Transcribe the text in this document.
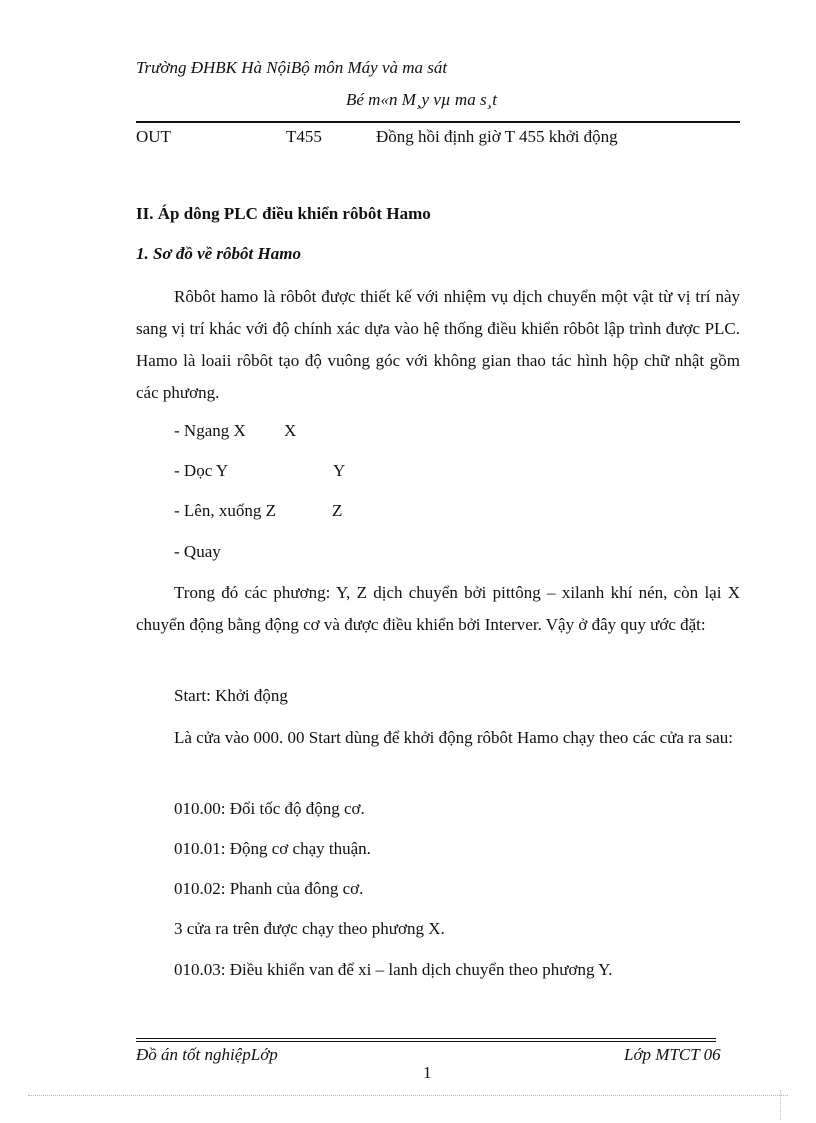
Trường ĐHBK Hà NộiBộ môn Máy và ma sát
Bé m«n M¸y vµ ma s¸t
OUT	T455	Đồng hồi định giờ T 455 khởi động
II. Áp dông PLC điều khiển rôbôt Hamo
1. Sơ đồ về rôbôt Hamo
Rôbôt hamo là rôbôt được thiết kế với nhiệm vụ dịch chuyển một vật từ vị trí này sang vị trí khác với độ chính xác dựa vào hệ thống điều khiển rôbôt lập trình được PLC. Hamo là loaii rôbôt tạo độ vuông góc với không gian thao tác hình hộp chữ nhật gồm các phương.
- Ngang X X
- Dọc Y	Y
- Lên, xuống Z	Z
- Quay
Trong đó các phương: Y, Z dịch chuyển bởi pittông – xilanh khí nén, còn lại X chuyển động bằng động cơ và được điều khiển bởi Interver. Vậy ở đây quy ước đặt:
Start: Khởi động
Là cửa vào 000. 00 Start dùng để khởi động rôbôt Hamo chạy theo các cửa ra sau:
010.00: Đổi tốc độ động cơ.
010.01: Động cơ chạy thuận.
010.02: Phanh của đông cơ.
3 cửa ra trên được chạy theo phương X.
010.03: Điều khiển van để xi – lanh dịch chuyển theo phương Y.
Đồ án tốt nghiệpLớp	Lớp MTCT 06
1
